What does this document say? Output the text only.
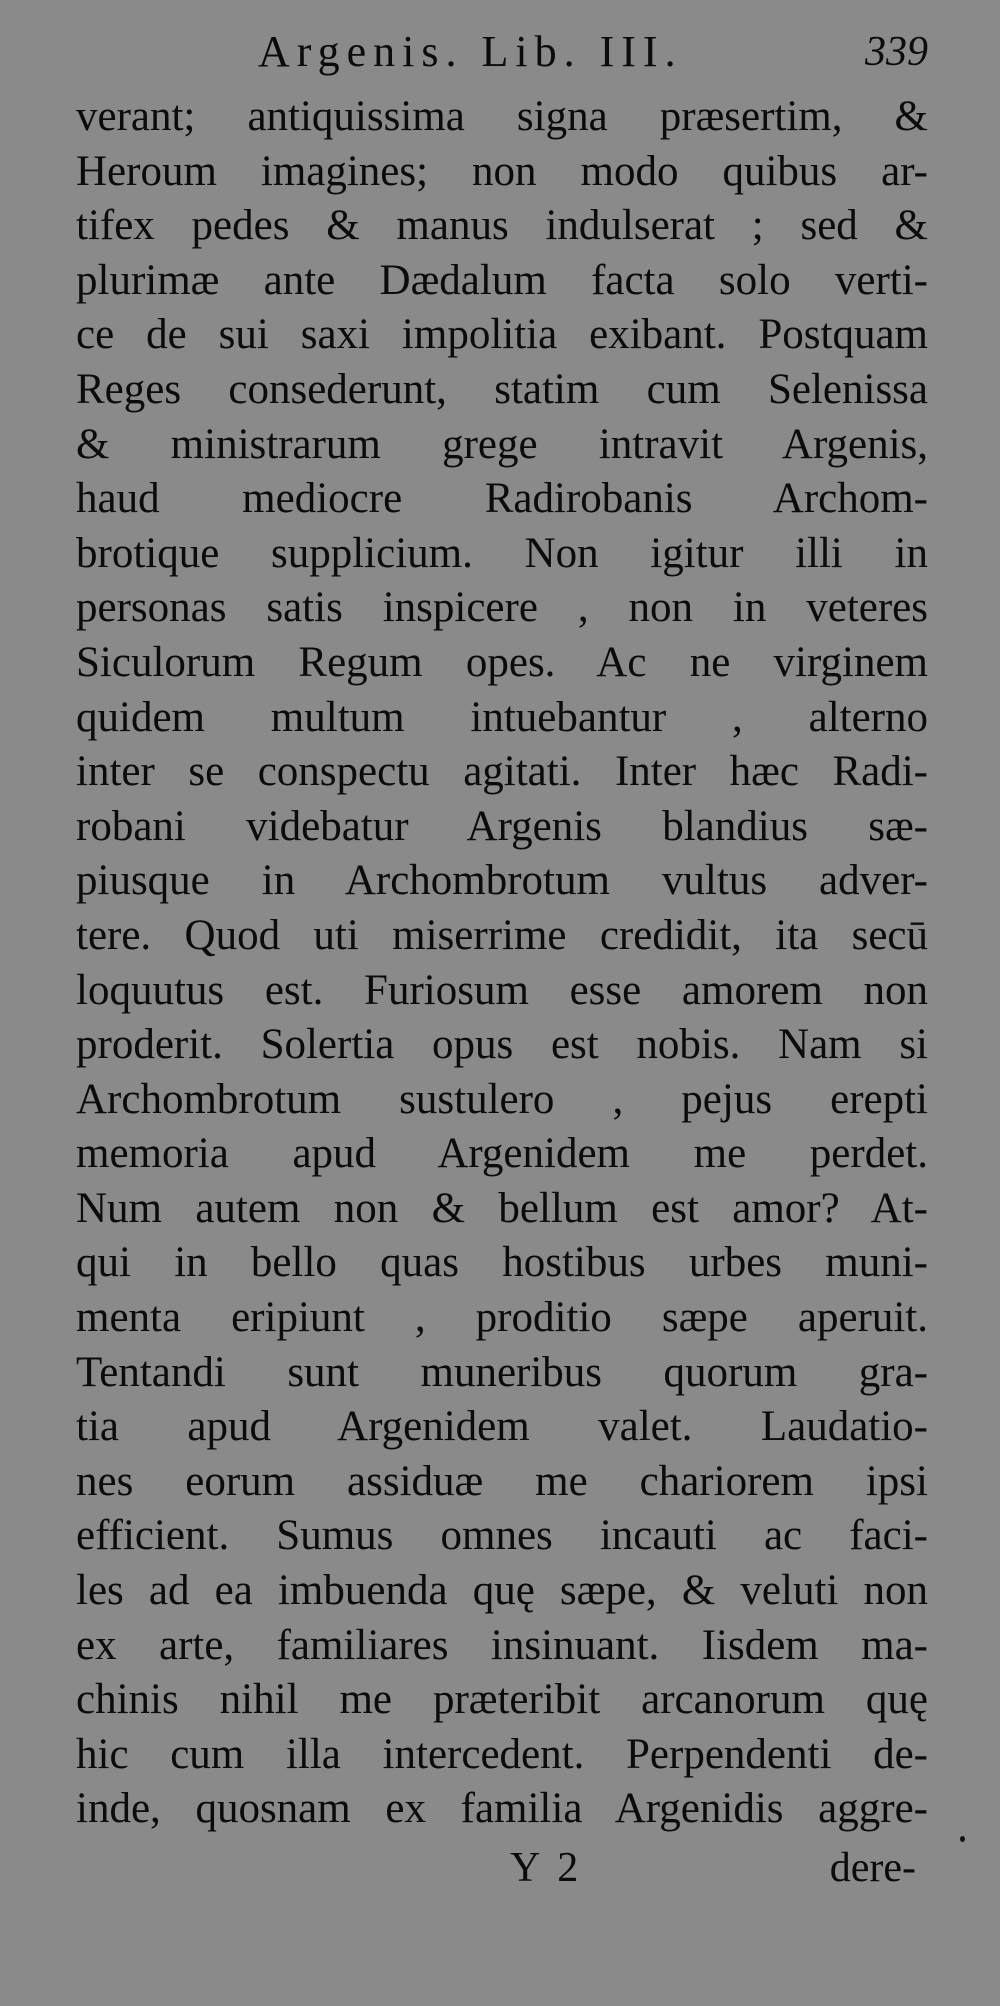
Argenis. Lib. III.	339
verant; antiquissima signa præsertim, &
Heroum imagines; non modo quibus ar-
tifex pedes & manus indulserat ; sed &
plurimæ ante Dædalum facta solo verti-
ce de sui saxi impolitia exibant. Postquam
Reges consederunt, statim cum Selenissa
& ministrarum grege intravit Argenis,
haud mediocre Radirobanis Archom-
brotique supplicium. Non igitur illi in
personas satis inspicere , non in veteres
Siculorum Regum opes. Ac ne virginem
quidem multum intuebantur , alterno
inter se conspectu agitati. Inter hæc Radi-
robani videbatur Argenis blandius sæ-
piusque in Archombrotum vultus adver-
tere. Quod uti miserrime credidit, ita secū
loquutus est. Furiosum esse amorem non
proderit. Solertia opus est nobis. Nam si
Archombrotum sustulero , pejus erepti
memoria apud Argenidem me perdet.
Num autem non & bellum est amor? At-
qui in bello quas hostibus urbes muni-
menta eripiunt , proditio sæpe aperuit.
Tentandi sunt muneribus quorum gra-
tia apud Argenidem valet. Laudatio-
nes eorum assiduæ me chariorem ipsi
efficient. Sumus omnes incauti ac faci-
les ad ea imbuenda quę sæpe, & veluti non
ex arte, familiares insinuant. Iisdem ma-
chinis nihil me præteribit arcanorum quę
hic cum illa intercedent. Perpendenti de-
inde, quosnam ex familia Argenidis aggre-
Y 2	dere-
